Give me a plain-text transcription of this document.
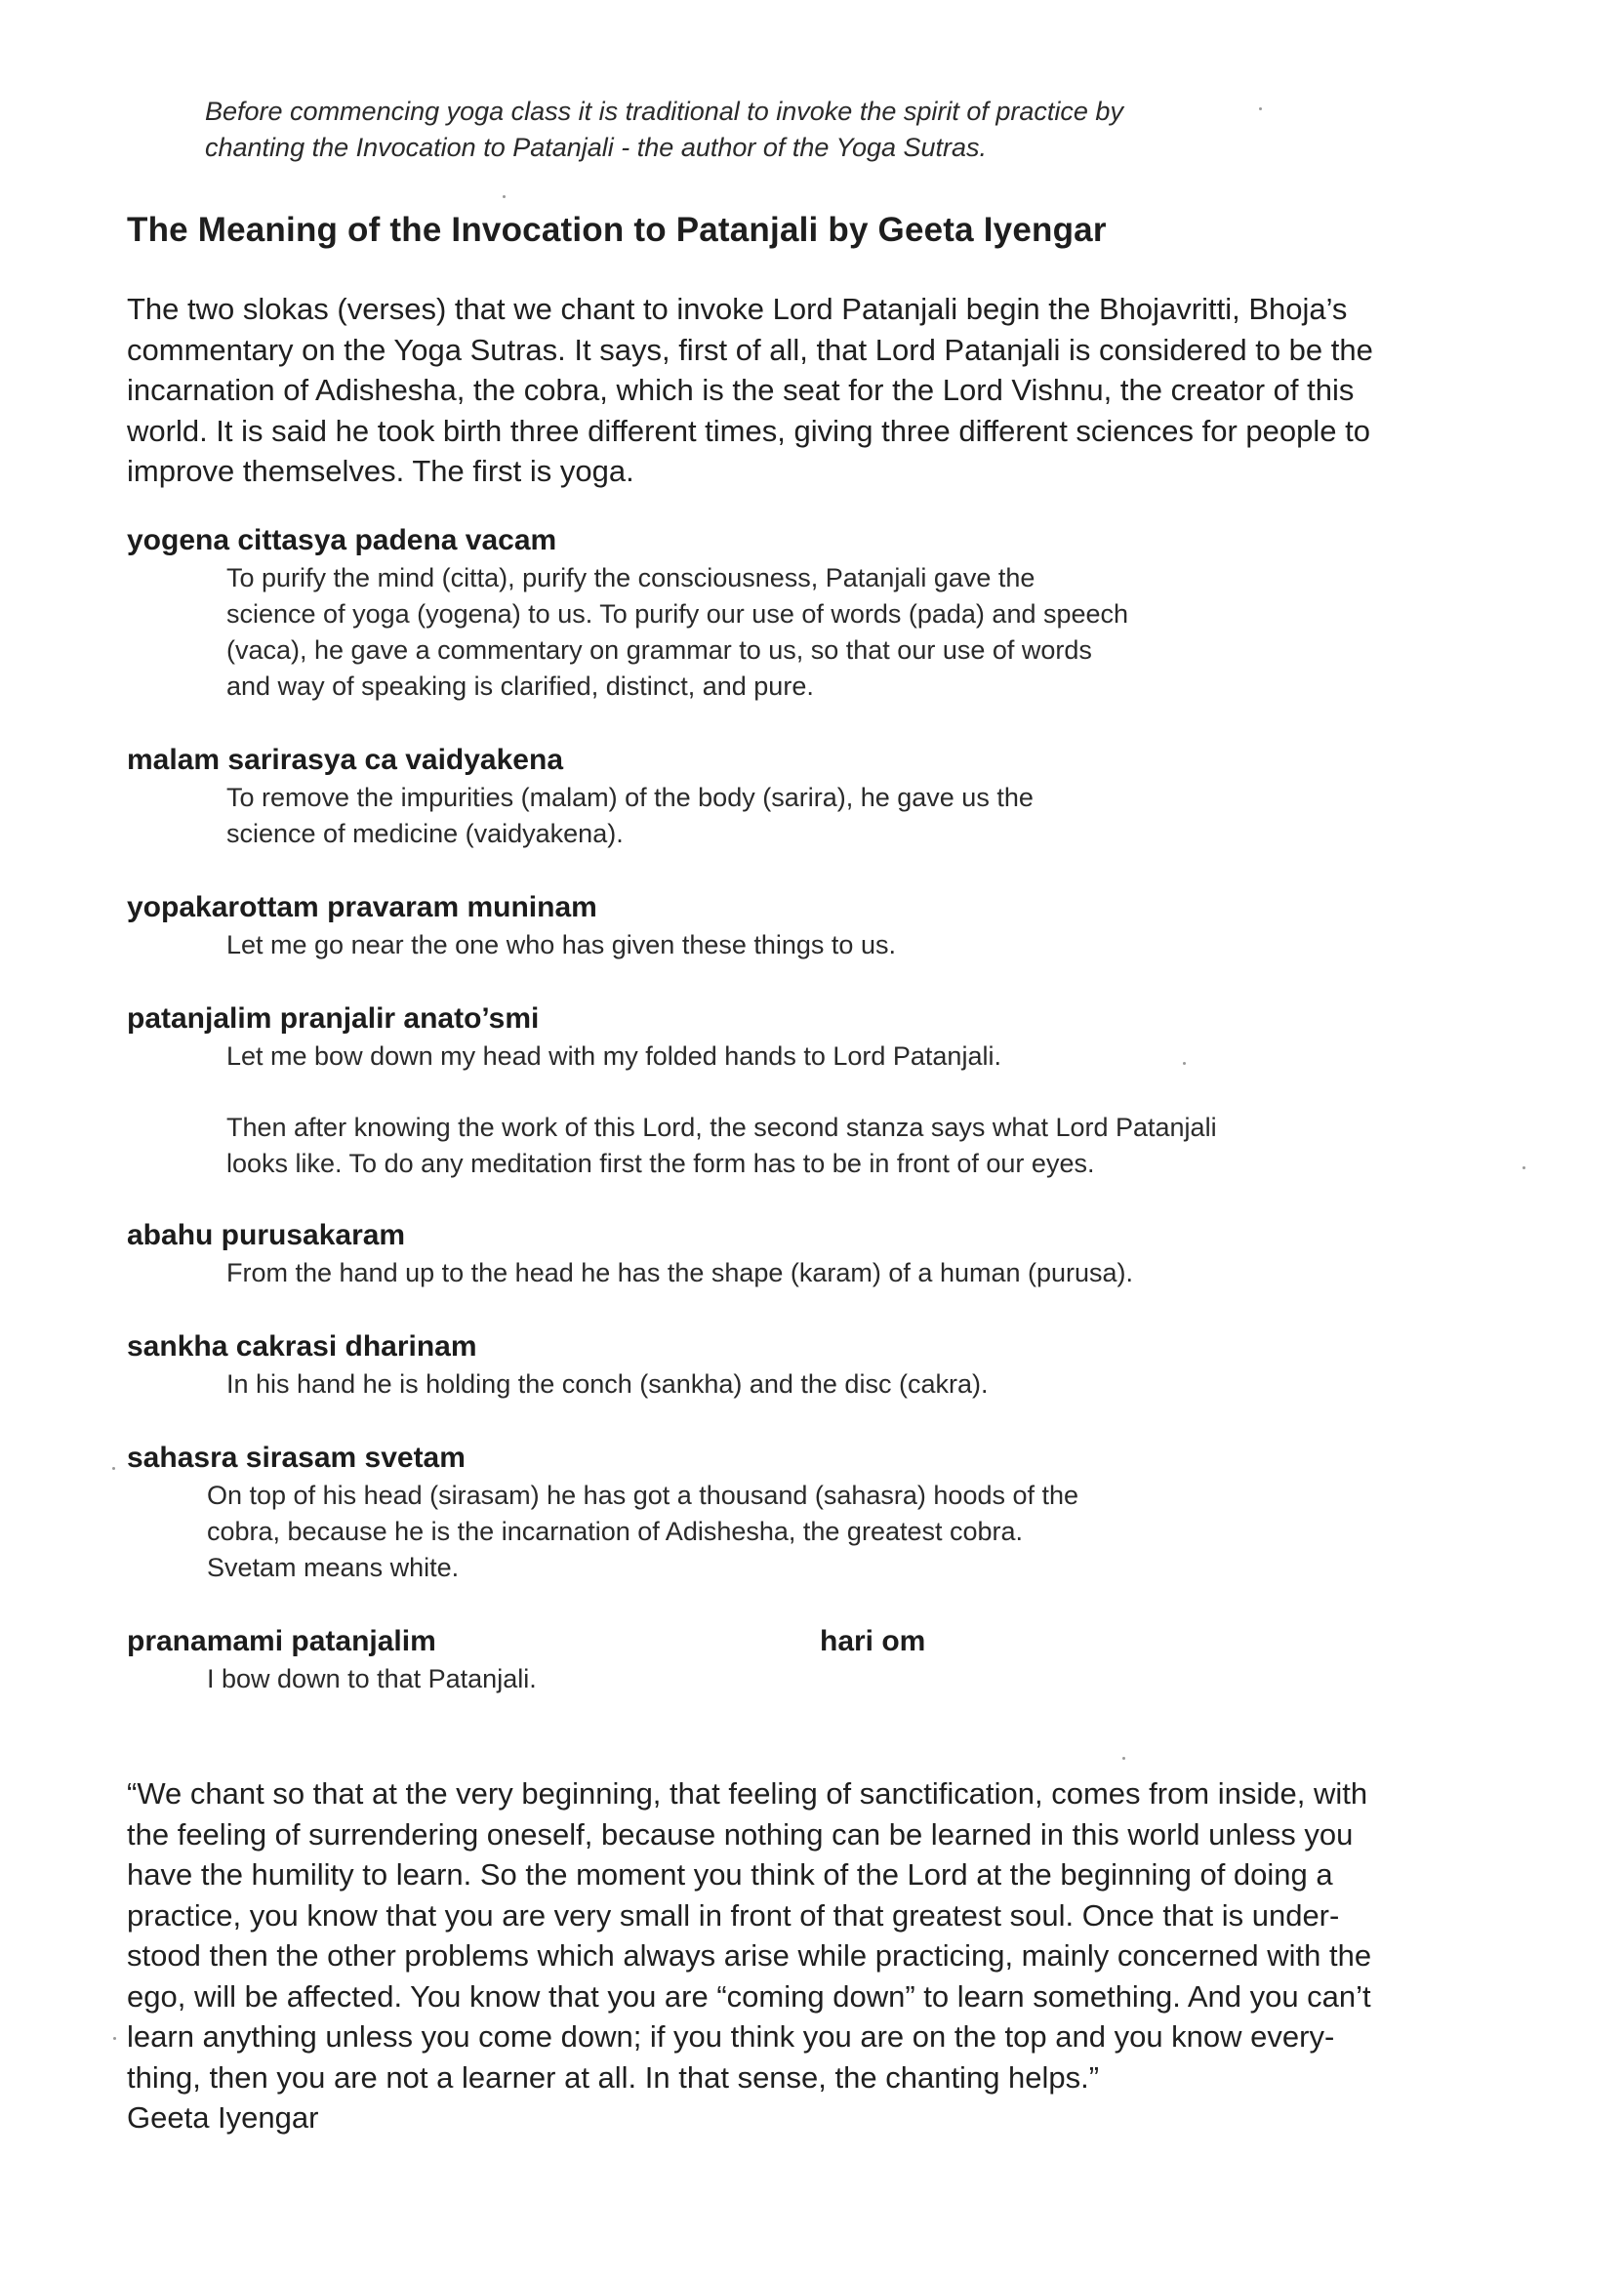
Before commencing yoga class it is traditional to invoke the spirit of practice by
chanting the Invocation to Patanjali - the author of the Yoga Sutras.
The Meaning of the Invocation to Patanjali by Geeta Iyengar
The two slokas (verses) that we chant to invoke Lord Patanjali begin the Bhojavritti, Bhoja’s
commentary on the Yoga Sutras. It says, first of all, that Lord Patanjali is considered to be the
incarnation of Adishesha, the cobra, which is the seat for the Lord Vishnu, the creator of this
world. It is said he took birth three different times, giving three different sciences for people to
improve themselves. The first is yoga.
yogena cittasya padena vacam
To purify the mind (citta), purify the consciousness, Patanjali gave the
science of yoga (yogena) to us. To purify our use of words (pada) and speech
(vaca), he gave a commentary on grammar to us, so that our use of words
and way of speaking is clarified, distinct, and pure.
malam sarirasya ca vaidyakena
To remove the impurities (malam) of the body (sarira), he gave us the
science of medicine (vaidyakena).
yopakarottam pravaram muninam
Let me go near the one who has given these things to us.
patanjalim pranjalir anato’smi
Let me bow down my head with my folded hands to Lord Patanjali.
Then after knowing the work of this Lord, the second stanza says what Lord Patanjali
looks like. To do any meditation first the form has to be in front of our eyes.
abahu purusakaram
From the hand up to the head he has the shape (karam) of a human (purusa).
sankha cakrasi dharinam
In his hand he is holding the conch (sankha) and the disc (cakra).
sahasra sirasam svetam
On top of his head (sirasam) he has got a thousand (sahasra) hoods of the
cobra, because he is the incarnation of Adishesha, the greatest cobra.
Svetam means white.
pranamami patanjalim
I bow down to that Patanjali.
hari om
“We chant so that at the very beginning, that feeling of sanctification, comes from inside, with
the feeling of surrendering oneself, because nothing can be learned in this world unless you
have the humility to learn. So the moment you think of the Lord at the beginning of doing a
practice, you know that you are very small in front of that greatest soul. Once that is under-
stood then the other problems which always arise while practicing, mainly concerned with the
ego, will be affected. You know that you are “coming down” to learn something. And you can’t
learn anything unless you come down; if you think you are on the top and you know every-
thing, then you are not a learner at all. In that sense, the chanting helps.”
Geeta Iyengar
